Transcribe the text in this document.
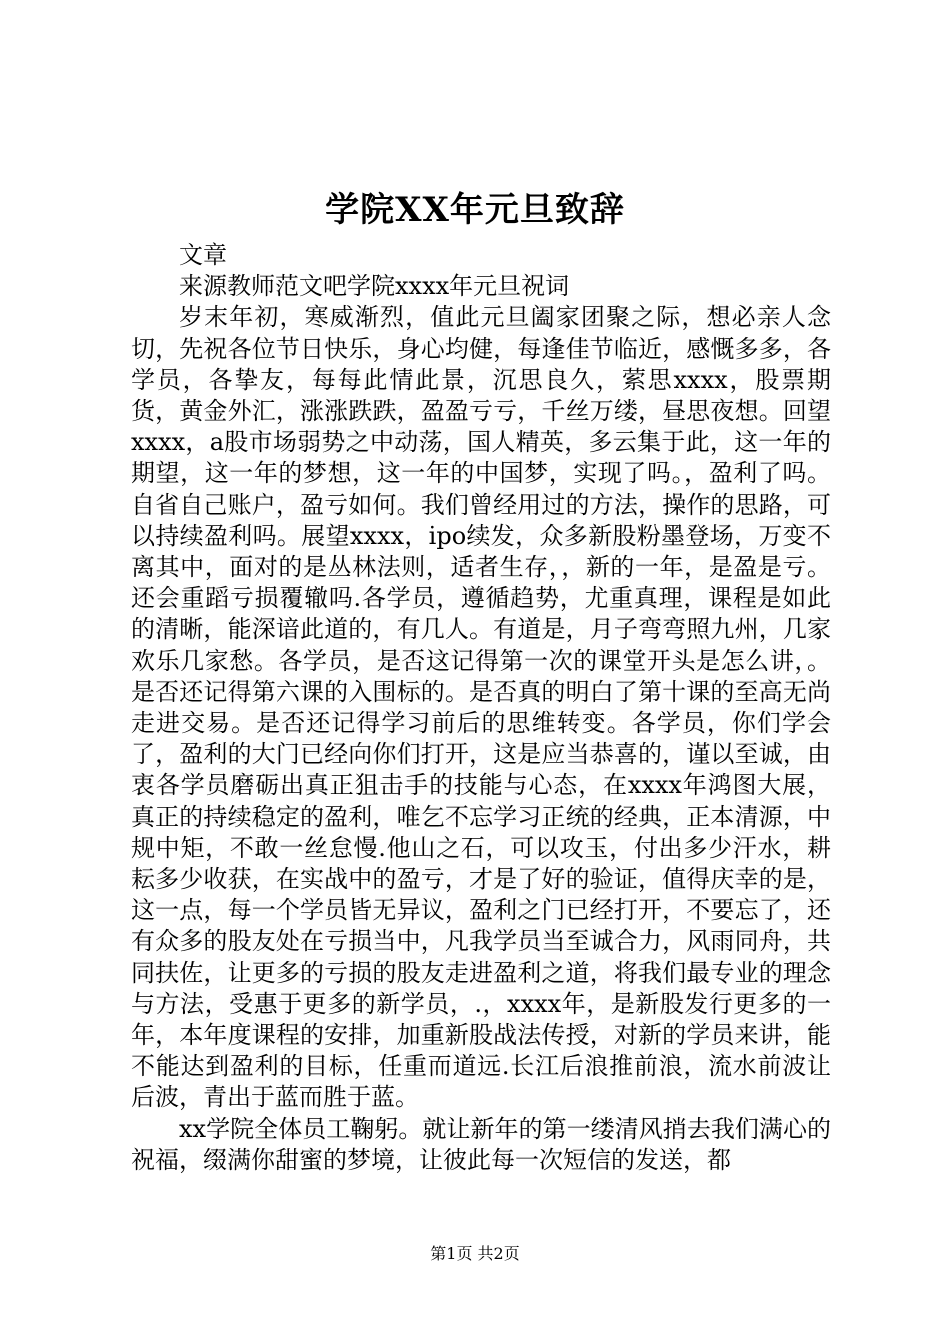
学院XX年元旦致辞

文章

来源教师范文吧学院xxxx年元旦祝词

岁末年初，寒威渐烈，值此元旦阖家团聚之际，想必亲人念切，先祝各位节日快乐，身心均健，每逢佳节临近，感慨多多，各学员，各挚友，每每此情此景，沉思良久，萦思xxxx，股票期货，黄金外汇，涨涨跌跌，盈盈亏亏，千丝万缕，昼思夜想。回望xxxx，a股市场弱势之中动荡，国人精英，多云集于此，这一年的期望，这一年的梦想，这一年的中国梦，实现了吗。，盈利了吗。自省自己账户，盈亏如何。我们曾经用过的方法，操作的思路，可以持续盈利吗。展望xxxx，ipo续发，众多新股粉墨登场，万变不离其中，面对的是丛林法则，适者生存，，新的一年，是盈是亏。还会重蹈亏损覆辙吗.各学员，遵循趋势，尤重真理，课程是如此的清晰，能深谙此道的，有几人。有道是，月子弯弯照九州，几家欢乐几家愁。各学员，是否这记得第一次的课堂开头是怎么讲，。是否还记得第六课的入围标的。是否真的明白了第十课的至高无尚走进交易。是否还记得学习前后的思维转变。各学员，你们学会了，盈利的大门已经向你们打开，这是应当恭喜的，谨以至诚，由衷各学员磨砺出真正狙击手的技能与心态，在xxxx年鸿图大展，真正的持续稳定的盈利，唯乞不忘学习正统的经典，正本清源，中规中矩，不敢一丝怠慢.他山之石，可以攻玉，付出多少汗水，耕耘多少收获，在实战中的盈亏，才是了好的验证，值得庆幸的是，这一点，每一个学员皆无异议，盈利之门已经打开，不要忘了，还有众多的股友处在亏损当中，凡我学员当至诚合力，风雨同舟，共同扶佐，让更多的亏损的股友走进盈利之道，将我们最专业的理念与方法，受惠于更多的新学员，.，xxxx年，是新股发行更多的一年，本年度课程的安排，加重新股战法传授，对新的学员来讲，能不能达到盈利的目标，任重而道远.长江后浪推前浪，流水前波让后波，青出于蓝而胜于蓝。

xx学院全体员工鞠躬。就让新年的第一缕清风捎去我们满心的祝福，缀满你甜蜜的梦境，让彼此每一次短信的发送，都

第1页 共2页
